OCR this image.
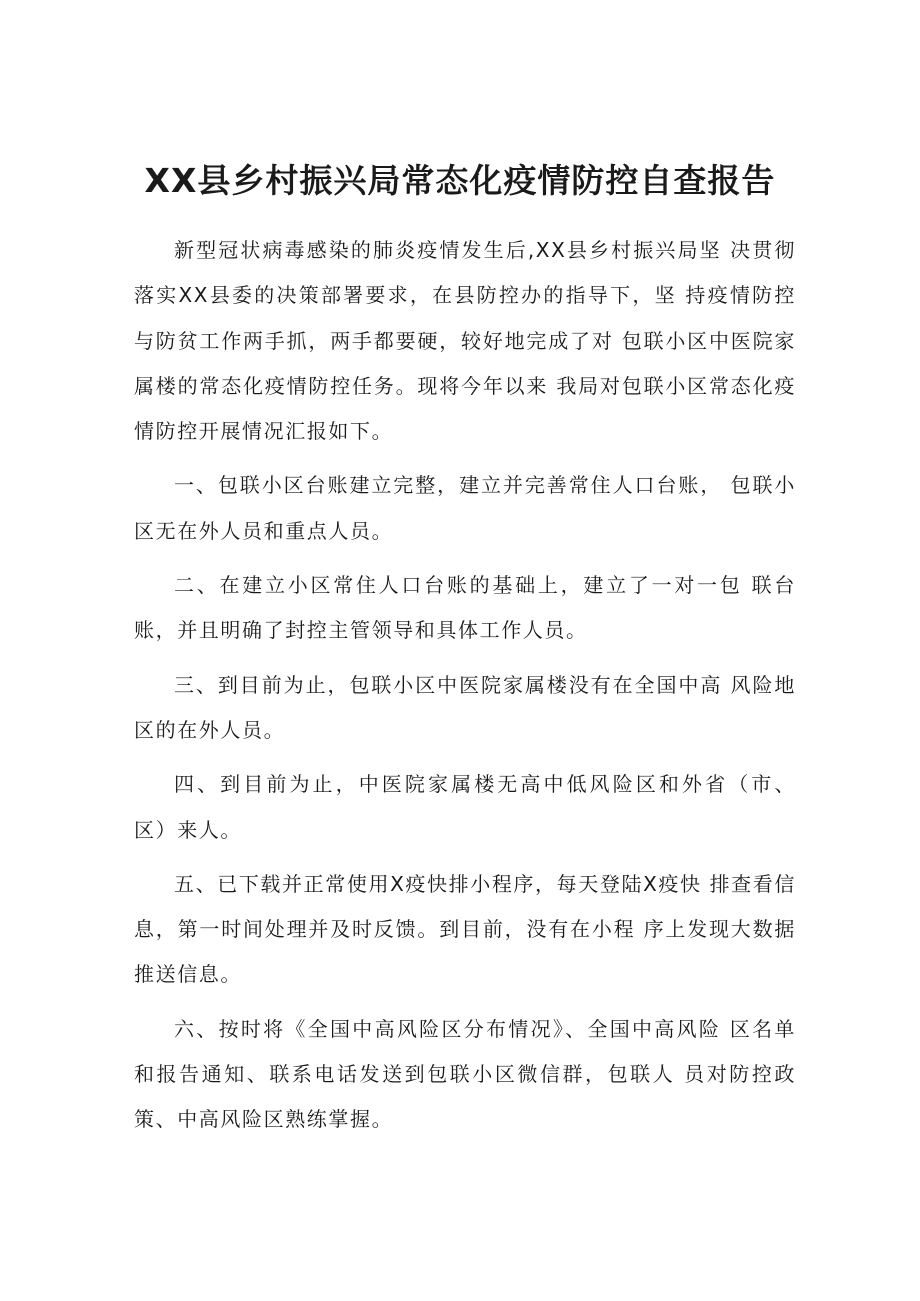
XX县乡村振兴局常态化疫情防控自查报告

新型冠状病毒感染的肺炎疫情发生后,XX县乡村振兴局坚 决贯彻落实XX县委的决策部署要求，在县防控办的指导下，坚 持疫情防控与防贫工作两手抓，两手都要硬，较好地完成了对 包联小区中医院家属楼的常态化疫情防控任务。现将今年以来 我局对包联小区常态化疫情防控开展情况汇报如下。

一、包联小区台账建立完整，建立并完善常住人口台账， 包联小区无在外人员和重点人员。

二、在建立小区常住人口台账的基础上，建立了一对一包 联台账，并且明确了封控主管领导和具体工作人员。

三、到目前为止，包联小区中医院家属楼没有在全国中高 风险地区的在外人员。

四、到目前为止，中医院家属楼无高中低风险区和外省（市、 区）来人。

五、已下载并正常使用X疫快排小程序，每天登陆X疫快 排查看信息，第一时间处理并及时反馈。到目前，没有在小程 序上发现大数据推送信息。

六、按时将《全国中高风险区分布情况》、全国中高风险 区名单和报告通知、联系电话发送到包联小区微信群，包联人 员对防控政策、中高风险区熟练掌握。
